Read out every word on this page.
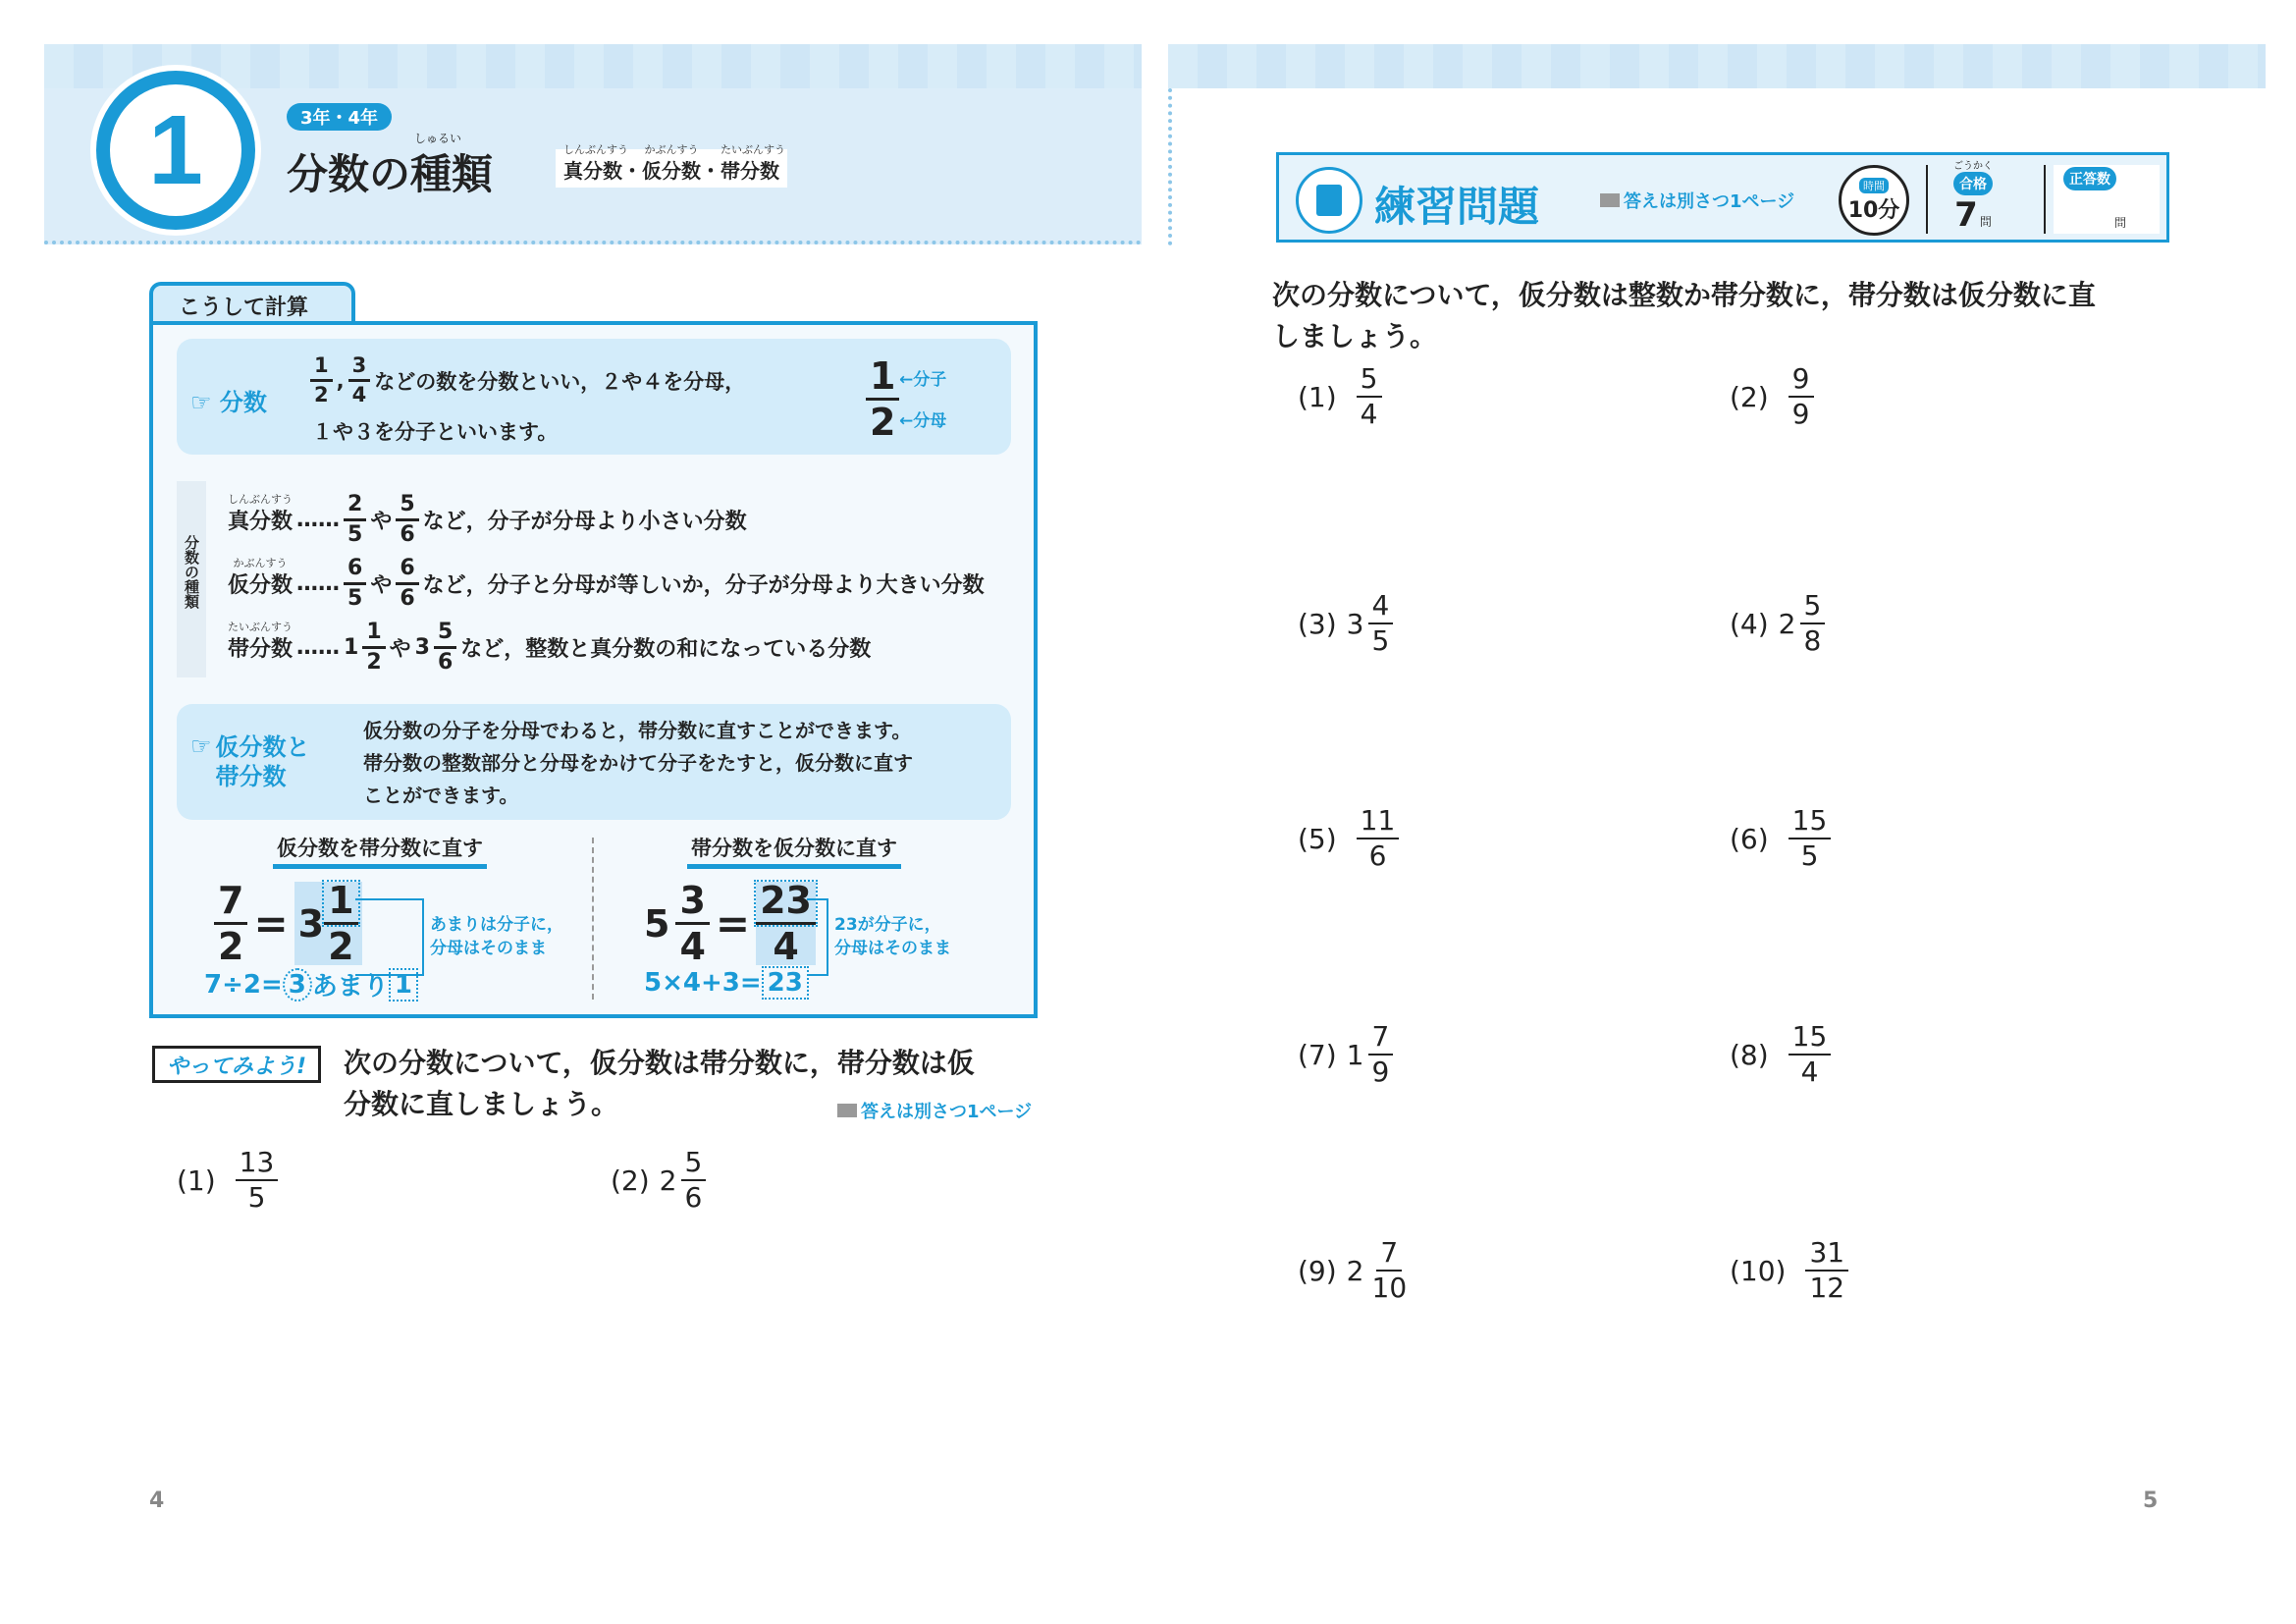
1	3年・4年
分数の種類
しゅるい
真分数
しんぶんすう
・ 仮分数
かぶんすう
・ 帯分数
たいぶんすう
こうして計算
☞ 分数 $\frac{1}{2}$ , $\frac{3}{4}$ などの数を分数といい，２や４を分母，
１や３を分子といいます。	$\frac{1}{2}$ ←分子
←分母
分数の種類
真分数
しんぶんすう
…… $\frac{2}{5}$ や $\frac{5}{6}$ など，分子が分母より小さい分数
仮分数
かぶんすう
…… $\frac{6}{5}$ や $\frac{6}{6}$ など，分子と分母が等しいか，分子が分母より大きい分数
帯分数
たいぶんすう
…… $1 \frac{1}{2}$ や $3 \frac{5}{6}$ など，整数と真分数の和になっている分数
☞ 仮分数と帯分数
仮分数の分子を分母でわると，帯分数に直すことができます。
帯分数の整数部分と分母をかけて分子をたすと，仮分数に直す
ことができます。
仮分数を帯分数に直す	帯分数を仮分数に直す
$\frac{7}{2} = 3 \frac{1}{2}$	あまりは分子に，
分母はそのまま
7÷2= 3 あまり 1
$5 \frac{3}{4} = \frac{23}{4} 23$が分子に，
分母はそのまま
5×4+3= 23
やってみよう! 次の分数について，仮分数は帯分数に，帯分数は仮
分数に直しましょう。	答えは別さつ1ページ
$(1) \frac{13}{5}$	(2) $2 \frac{5}{6}$
4
練習問題	答えは別さつ1ページ
時間
10分
ごうかく
合格
7 問
正答数
問
次の分数について，仮分数は整数か帯分数に，帯分数は仮分数に直
しましょう。
$(1) \frac{5}{4}$	$(2) \frac{9}{9}$
(3) $3 \frac{4}{5}$	(4) $2 \frac{5}{8}$
$(5) \frac{11}{6}$	$(6) \frac{15}{5}$
(7) $1 \frac{7}{9}$	$(8) \frac{15}{4}$
(9) $2 \frac{7}{10}$	$(10) \frac{31}{12}$
5
